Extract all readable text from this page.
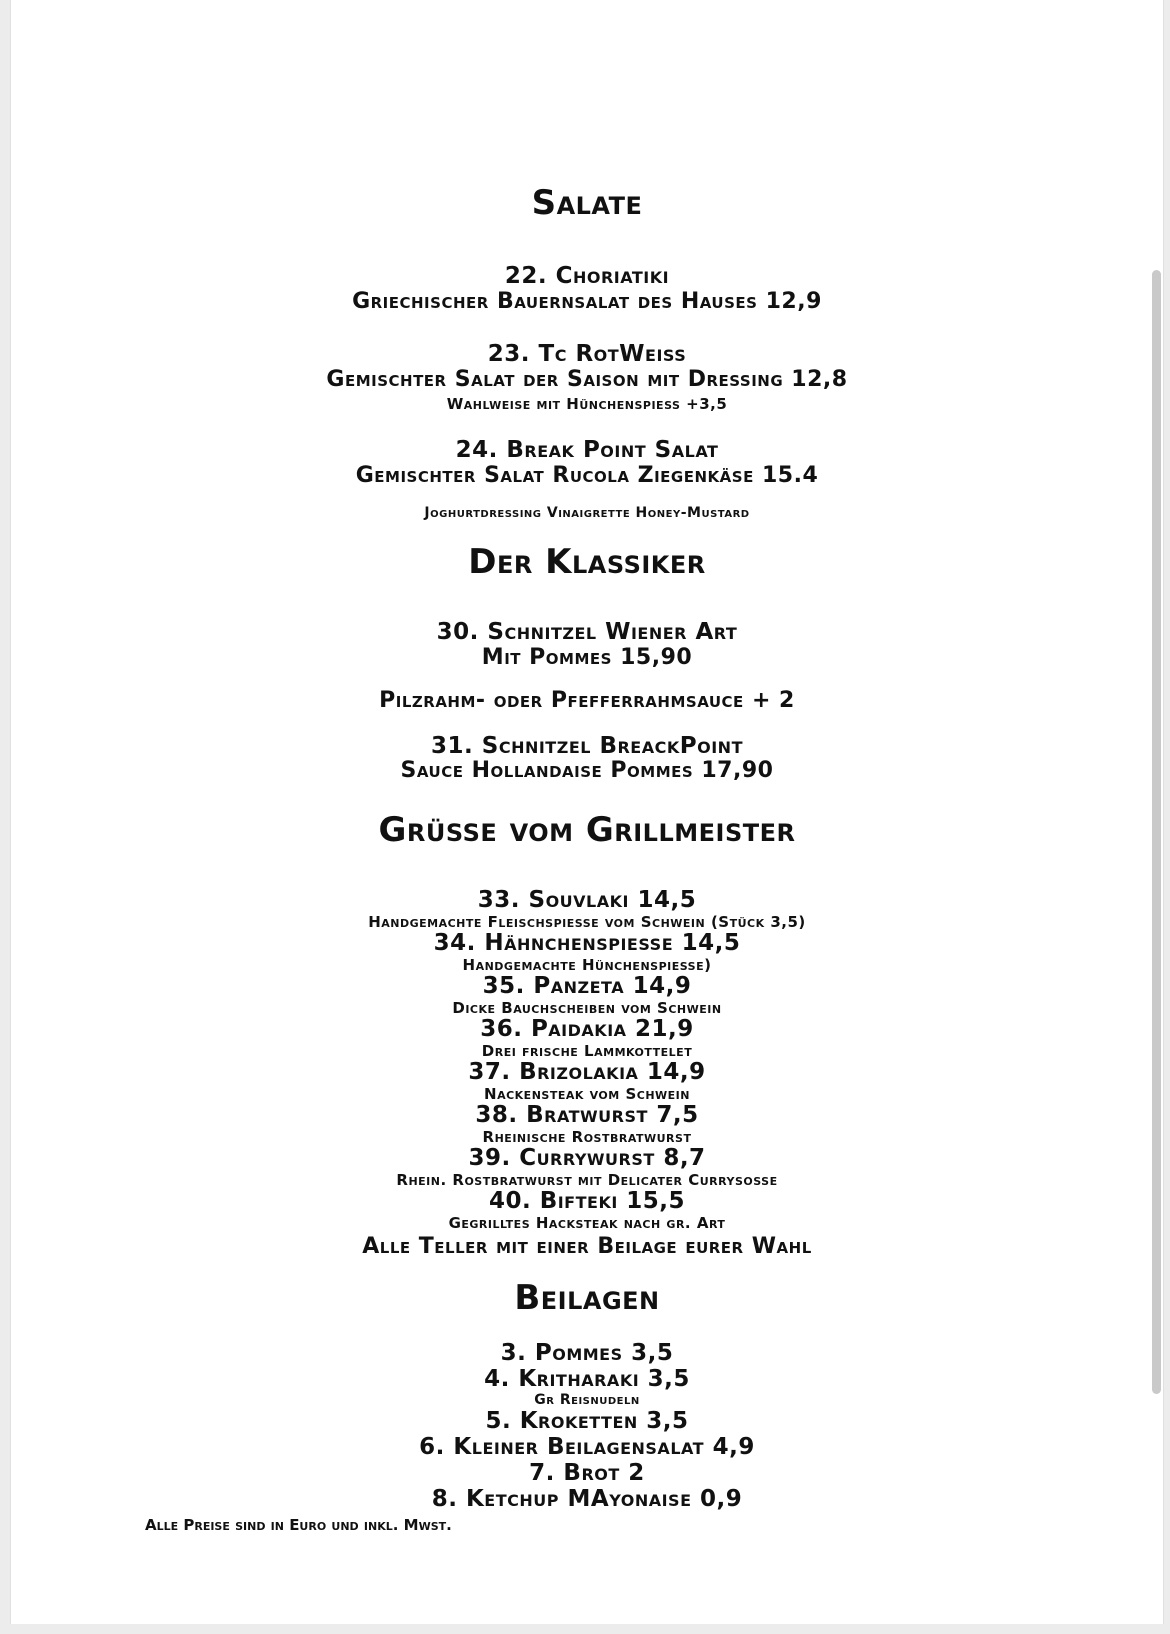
Salate
22. Choriatiki
Griechischer Bauernsalat des Hauses 12,9
23. Tc RotWeiss
Gemischter Salat der Saison mit Dressing 12,8
Wahlweise mit Hünchenspiess +3,5
24. Break Point Salat
Gemischter Salat Rucola Ziegenkäse 15.4
Joghurtdressing Vinaigrette Honey-Mustard
Der Klassiker
30. Schnitzel Wiener Art
Mit Pommes 15,90
Pilzrahm- oder Pfefferrahmsauce + 2
31. Schnitzel BreackPoint
Sauce Hollandaise Pommes 17,90
Grüsse vom Grillmeister
33. Souvlaki 14,5
Handgemachte Fleischspiesse vom Schwein (Stück 3,5)
34. Hähnchenspiesse 14,5
Handgemachte Hünchenspiesse)
35. Panzeta 14,9
Dicke Bauchscheiben vom Schwein
36. Paidakia 21,9
Drei frische Lammkottelet
37. Brizolakia 14,9
Nackensteak vom Schwein
38. Bratwurst 7,5
Rheinische Rostbratwurst
39. Currywurst 8,7
Rhein. Rostbratwurst mit Delicater Currysosse
40. Bifteki 15,5
Gegrilltes Hacksteak nach gr. Art
Alle Teller mit einer Beilage eurer Wahl
Beilagen
3. Pommes 3,5
4. Kritharaki 3,5
Gr Reisnudeln
5. Kroketten 3,5
6. Kleiner Beilagensalat 4,9
7. Brot 2
8. Ketchup MAyonaise 0,9
Alle Preise sind in Euro und inkl. Mwst.
